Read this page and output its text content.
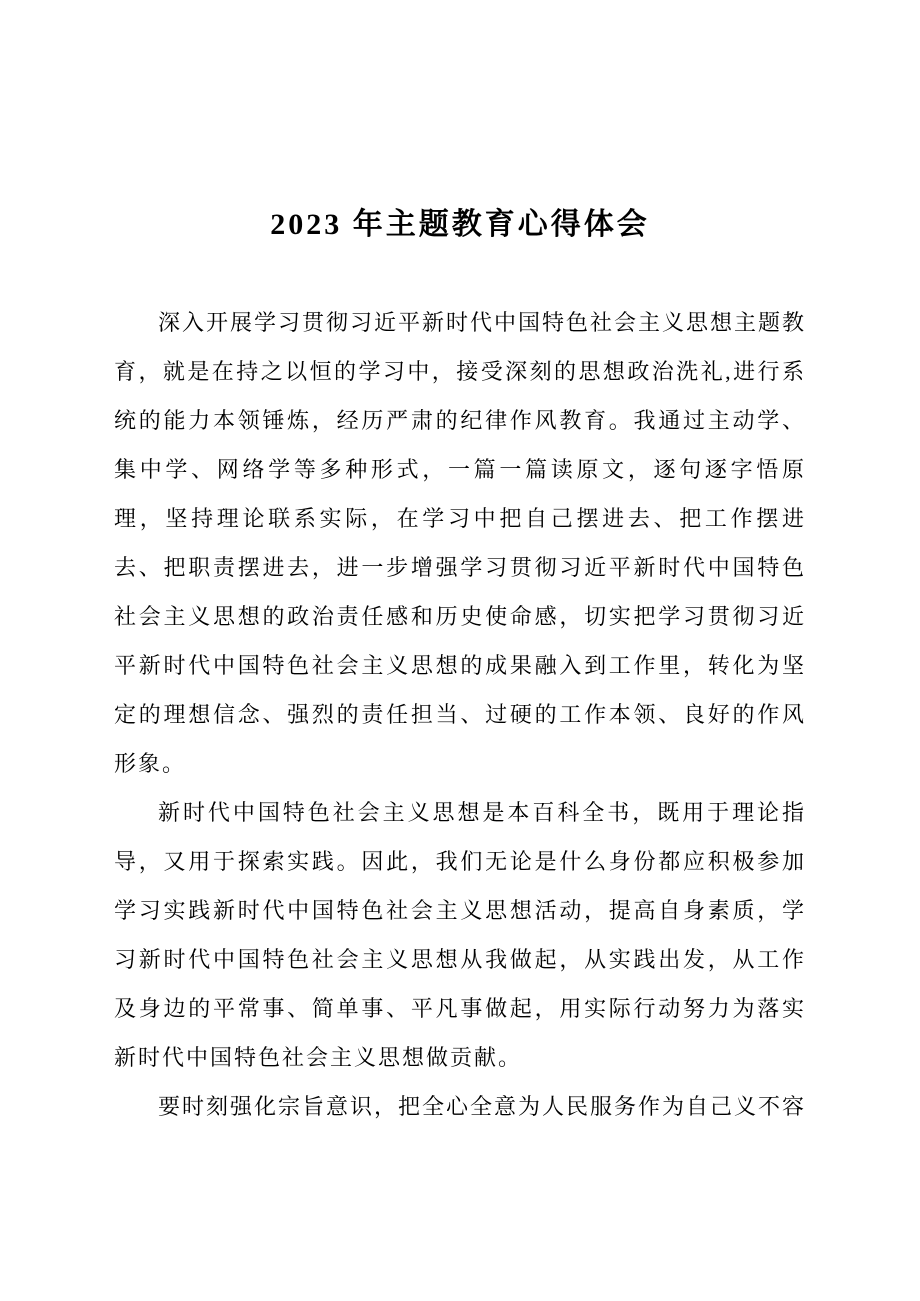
2023 年主题教育心得体会

深入开展学习贯彻习近平新时代中国特色社会主义思想主题教育，就是在持之以恒的学习中，接受深刻的思想政治洗礼,进行系统的能力本领锤炼，经历严肃的纪律作风教育。我通过主动学、集中学、网络学等多种形式，一篇一篇读原文，逐句逐字悟原理，坚持理论联系实际，在学习中把自己摆进去、把工作摆进去、把职责摆进去，进一步增强学习贯彻习近平新时代中国特色社会主义思想的政治责任感和历史使命感，切实把学习贯彻习近平新时代中国特色社会主义思想的成果融入到工作里，转化为坚定的理想信念、强烈的责任担当、过硬的工作本领、良好的作风形象。

新时代中国特色社会主义思想是本百科全书，既用于理论指导，又用于探索实践。因此，我们无论是什么身份都应积极参加学习实践新时代中国特色社会主义思想活动，提高自身素质，学习新时代中国特色社会主义思想从我做起，从实践出发，从工作及身边的平常事、简单事、平凡事做起，用实际行动努力为落实新时代中国特色社会主义思想做贡献。

要时刻强化宗旨意识，把全心全意为人民服务作为自己义不容
